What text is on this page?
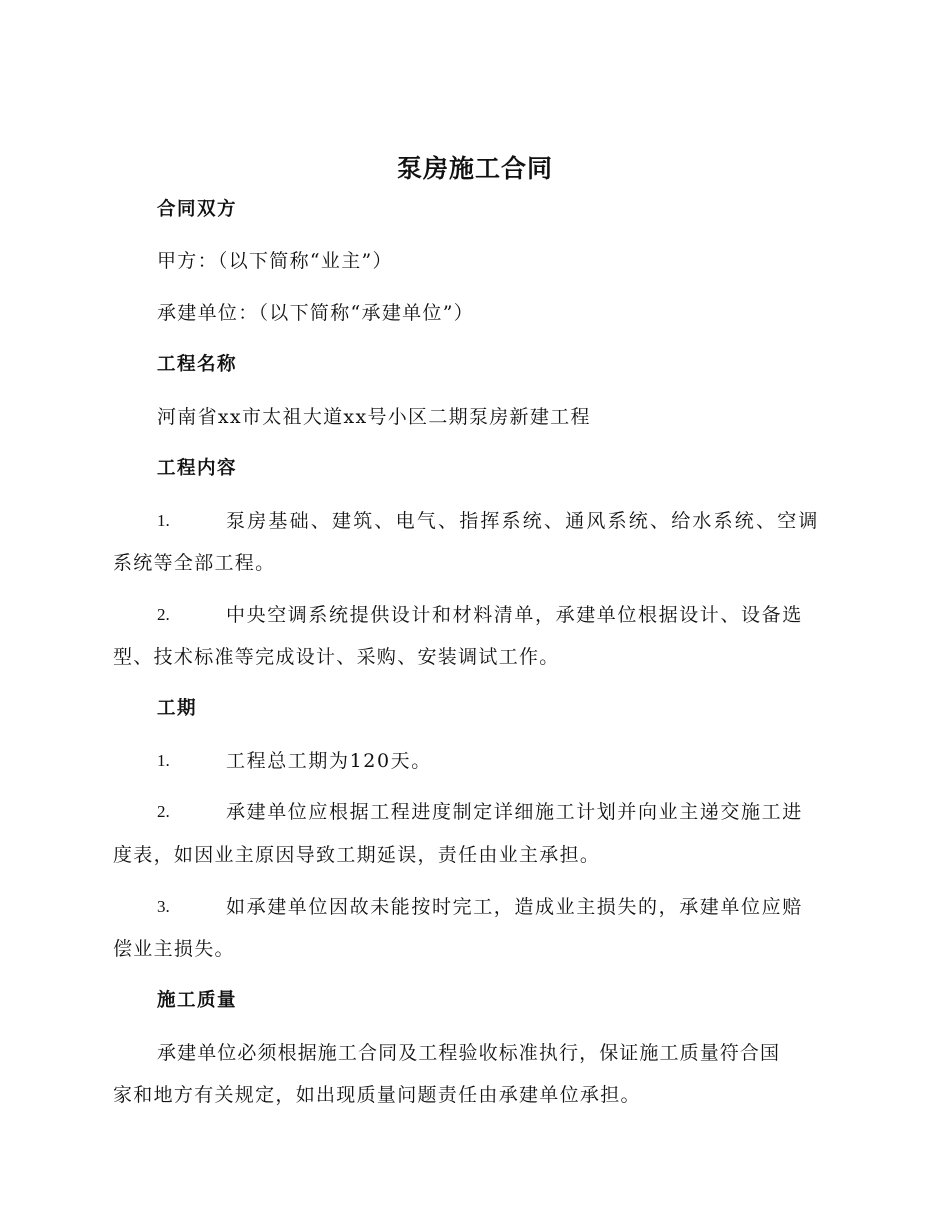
泵房施工合同
合同双方
甲方：（以下简称“业主”）
承建单位：（以下简称“承建单位”）
工程名称
河南省xx市太祖大道xx号小区二期泵房新建工程
工程内容
1.	泵房基础、建筑、电气、指挥系统、通风系统、给水系统、空调
系统等全部工程。
2.	中央空调系统提供设计和材料清单，承建单位根据设计、设备选
型、技术标准等完成设计、采购、安装调试工作。
工期
1.	工程总工期为120天。
2.	承建单位应根据工程进度制定详细施工计划并向业主递交施工进
度表，如因业主原因导致工期延误，责任由业主承担。
3.	如承建单位因故未能按时完工，造成业主损失的，承建单位应赔
偿业主损失。
施工质量
承建单位必须根据施工合同及工程验收标准执行，保证施工质量符合国
家和地方有关规定，如出现质量问题责任由承建单位承担。
